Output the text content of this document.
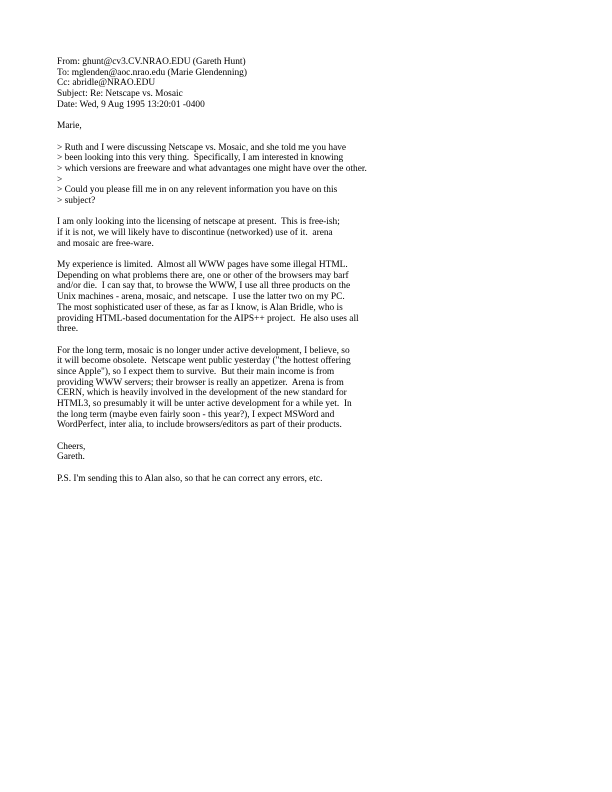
From: ghunt@cv3.CV.NRAO.EDU (Gareth Hunt)
To: mglenden@aoc.nrao.edu (Marie Glendenning)
Cc: abridle@NRAO.EDU
Subject: Re: Netscape vs. Mosaic
Date: Wed, 9 Aug 1995 13:20:01 -0400
Marie,
> Ruth and I were discussing Netscape vs. Mosaic, and she told me you have
> been looking into this very thing.  Specifically, I am interested in knowing
> which versions are freeware and what advantages one might have over the other.
>
> Could you please fill me in on any relevent information you have on this
> subject?
I am only looking into the licensing of netscape at present.  This is free-ish;
if it is not, we will likely have to discontinue (networked) use of it.  arena
and mosaic are free-ware.
My experience is limited.  Almost all WWW pages have some illegal HTML.
Depending on what problems there are, one or other of the browsers may barf
and/or die.  I can say that, to browse the WWW, I use all three products on the
Unix machines - arena, mosaic, and netscape.  I use the latter two on my PC.
The most sophisticated user of these, as far as I know, is Alan Bridle, who is
providing HTML-based documentation for the AIPS++ project.  He also uses all
three.
For the long term, mosaic is no longer under active development, I believe, so
it will become obsolete.  Netscape went public yesterday ("the hottest offering
since Apple"), so I expect them to survive.  But their main income is from
providing WWW servers; their browser is really an appetizer.  Arena is from
CERN, which is heavily involved in the development of the new standard for
HTML3, so presumably it will be unter active development for a while yet.  In
the long term (maybe even fairly soon - this year?), I expect MSWord and
WordPerfect, inter alia, to include browsers/editors as part of their products.
Cheers,
Gareth.
P.S. I'm sending this to Alan also, so that he can correct any errors, etc.
